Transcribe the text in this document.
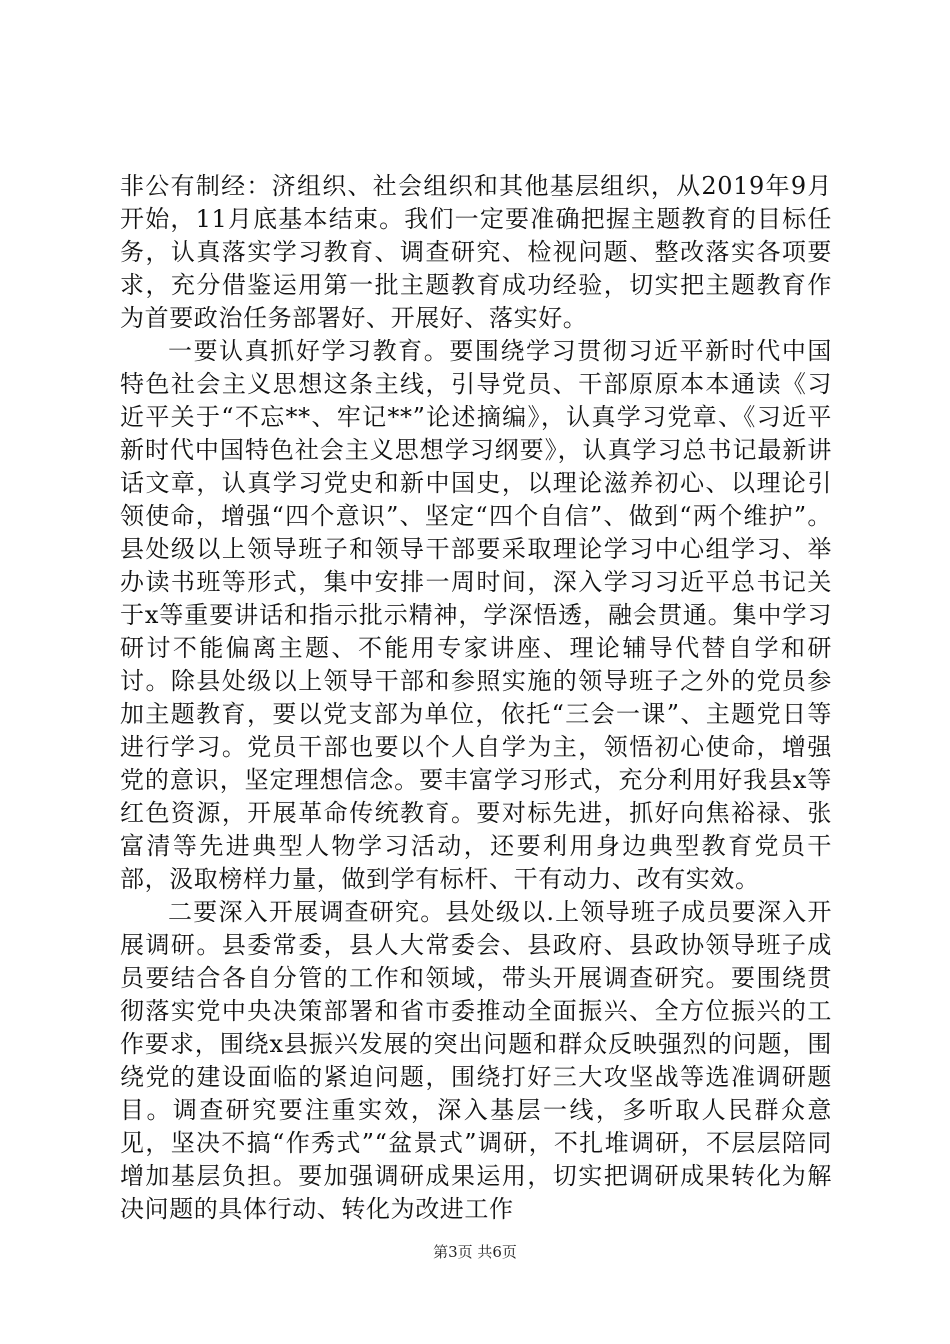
非公有制经：济组织、社会组织和其他基层组织，从2019年9月开始，11月底基本结束。我们一定要准确把握主题教育的目标任务，认真落实学习教育、调查研究、检视问题、整改落实各项要求，充分借鉴运用第一批主题教育成功经验，切实把主题教育作为首要政治任务部署好、开展好、落实好。

一要认真抓好学习教育。要围绕学习贯彻习近平新时代中国特色社会主义思想这条主线，引导党员、干部原原本本通读《习近平关于“不忘**、牢记**”论述摘编》，认真学习党章、《习近平新时代中国特色社会主义思想学习纲要》，认真学习总书记最新讲话文章，认真学习党史和新中国史，以理论滋养初心、以理论引领使命，增强“四个意识”、坚定“四个自信”、做到“两个维护”。县处级以上领导班子和领导干部要采取理论学习中心组学习、举办读书班等形式，集中安排一周时间，深入学习习近平总书记关于x等重要讲话和指示批示精神，学深悟透，融会贯通。集中学习研讨不能偏离主题、不能用专家讲座、理论辅导代替自学和研讨。除县处级以上领导干部和参照实施的领导班子之外的党员参加主题教育，要以党支部为单位，依托“三会一课”、主题党日等进行学习。党员干部也要以个人自学为主，领悟初心使命，增强党的意识，坚定理想信念。要丰富学习形式，充分利用好我县x等红色资源，开展革命传统教育。要对标先进，抓好向焦裕禄、张富清等先进典型人物学习活动，还要利用身边典型教育党员干部，汲取榜样力量，做到学有标杆、干有动力、改有实效。

二要深入开展调查研究。县处级以.上领导班子成员要深入开展调研。县委常委，县人大常委会、县政府、县政协领导班子成员要结合各自分管的工作和领域，带头开展调查研究。要围绕贯彻落实党中央决策部署和省市委推动全面振兴、全方位振兴的工作要求，围绕x县振兴发展的突出问题和群众反映强烈的问题，围绕党的建设面临的紧迫问题，围绕打好三大攻坚战等选准调研题目。调查研究要注重实效，深入基层一线，多听取人民群众意见，坚决不搞“作秀式”“盆景式”调研，不扎堆调研，不层层陪同增加基层负担。要加强调研成果运用，切实把调研成果转化为解决问题的具体行动、转化为改进工作

第3页 共6页
